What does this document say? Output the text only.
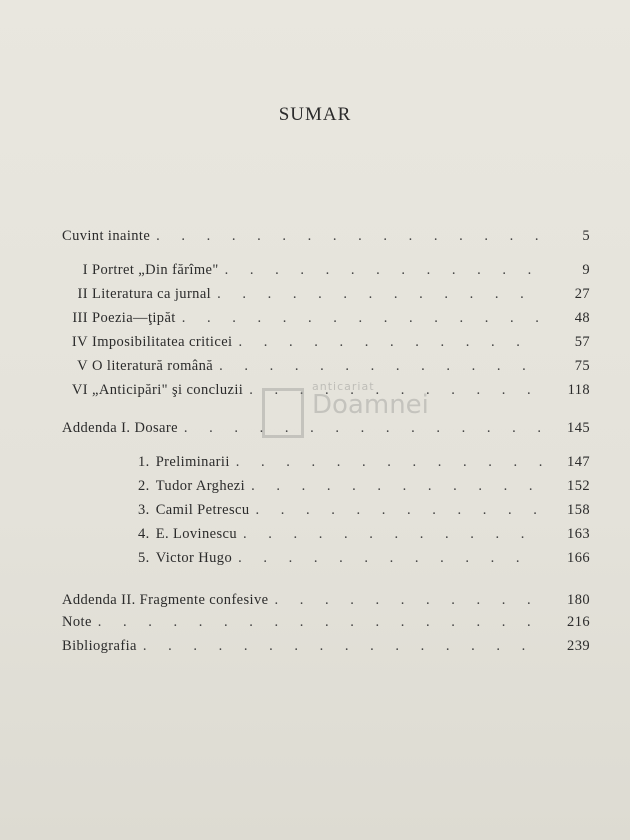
SUMAR
Cuvint inainte . . .	5
I Portret „Din fărîme" . . .	9
II Literatura ca jurnal . . .	27
III Poezia—ţipăt . . .	48
IV Imposibilitatea criticei . . .	57
V O literatură română . . .	75
VI „Anticipări" şi concluzii . . .	118
Addenda I. Dosare . . .	145
1. Preliminarii . . .	147
2. Tudor Arghezi . . .	152
3. Camil Petrescu . . .	158
4. E. Lovinescu . . .	163
5. Victor Hugo . . .	166
Addenda II. Fragmente confesive . . .	180
Note . . .	216
Bibliografia . . .	239
anticariat
Doamnei
